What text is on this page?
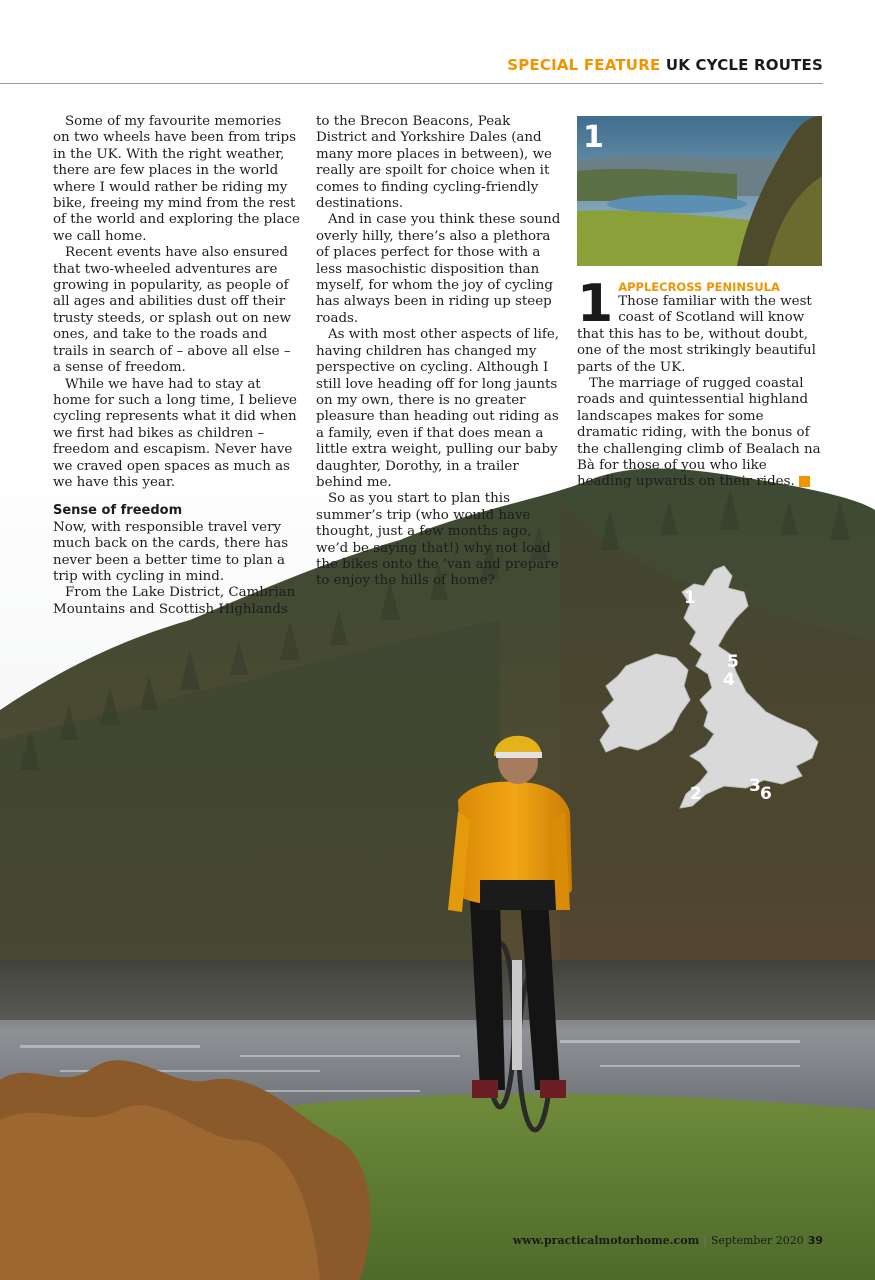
SPECIAL FEATURE UK CYCLE ROUTES

Some of my favourite memories on two wheels have been from trips in the UK. With the right weather, there are few places in the world where I would rather be riding my bike, freeing my mind from the rest of the world and exploring the place we call home.

Recent events have also ensured that two-wheeled adventures are growing in popularity, as people of all ages and abilities dust off their trusty steeds, or splash out on new ones, and take to the roads and trails in search of – above all else – a sense of freedom.

While we have had to stay at home for such a long time, I believe cycling represents what it did when we first had bikes as children – freedom and escapism. Never have we craved open spaces as much as we have this year.

Sense of freedom

Now, with responsible travel very much back on the cards, there has never been a better time to plan a trip with cycling in mind.

From the Lake District, Cambrian Mountains and Scottish Highlands

to the Brecon Beacons, Peak District and Yorkshire Dales (and many more places in between), we really are spoilt for choice when it comes to finding cycling-friendly destinations.

And in case you think these sound overly hilly, there’s also a plethora of places perfect for those with a less masochistic disposition than myself, for whom the joy of cycling has always been in riding up steep roads.

As with most other aspects of life, having children has changed my perspective on cycling. Although I still love heading off for long jaunts on my own, there is no greater pleasure than heading out riding as a family, even if that does mean a little extra weight, pulling our baby daughter, Dorothy, in a trailer behind me.

So as you start to plan this summer’s trip (who would have thought, just a few months ago, we’d be saying that!) why not load the bikes onto the ’van and prepare to enjoy the hills of home?

1
1 APPLECROSS PENINSULA

Those familiar with the west coast of Scotland will know that this has to be, without doubt, one of the most strikingly beautiful parts of the UK.

The marriage of rugged coastal roads and quintessential highland landscapes makes for some dramatic riding, with the bonus of the challenging climb of Bealach na Bà for those of you who like heading upwards on their rides. ➜

1
5
4
2	3 6
www.practicalmotorhome.com | September 2020 39
